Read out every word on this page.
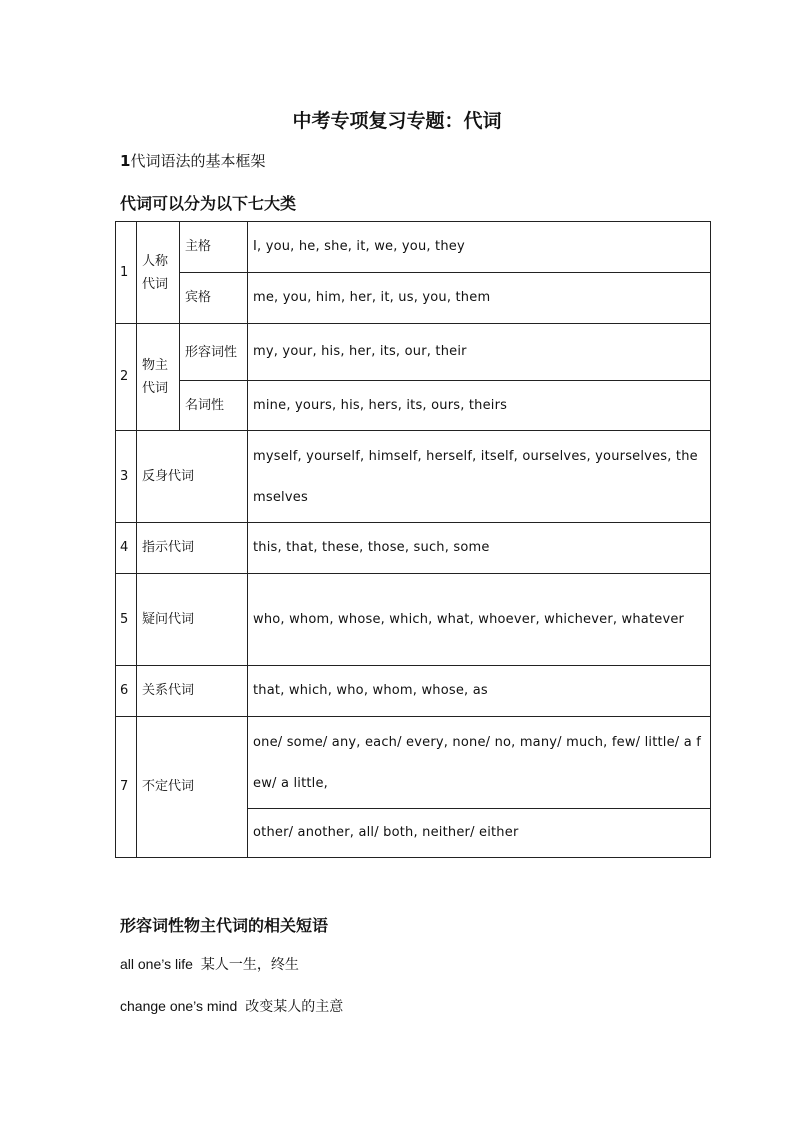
中考专项复习专题：代词
1代词语法的基本框架
代词可以分为以下七大类
1	人称代词	主格	I, you, he, she, it, we, you, they
		宾格	me, you, him, her, it, us, you, them
2	物主代词	形容词性	my, your, his, her, its, our, their
		名词性	mine, yours, his, hers, its, ours, theirs
3	反身代词		myself, yourself, himself, herself, itself, ourselves, yourselves, themselves
4	指示代词		this, that, these, those, such, some
5	疑问代词		who, whom, whose, which, what, whoever, whichever, whatever
6	关系代词		that, which, who, whom, whose, as
7	不定代词		one/ some/ any, each/ every, none/ no, many/ much, few/ little/ a few/ a little,
			other/ another, all/ both, neither/ either
形容词性物主代词的相关短语
all one’s life 某人一生，终生
change one’s mind 改变某人的主意
